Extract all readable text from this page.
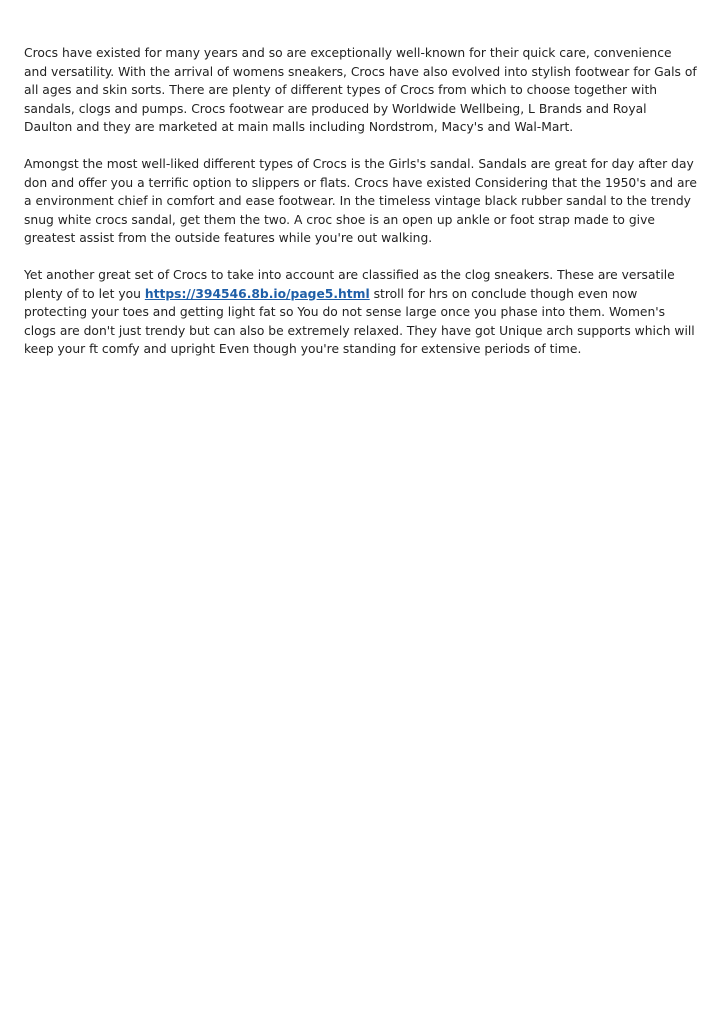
Crocs have existed for many years and so are exceptionally well-known for their quick care, convenience and versatility. With the arrival of womens sneakers, Crocs have also evolved into stylish footwear for Gals of all ages and skin sorts. There are plenty of different types of Crocs from which to choose together with sandals, clogs and pumps. Crocs footwear are produced by Worldwide Wellbeing, L Brands and Royal Daulton and they are marketed at main malls including Nordstrom, Macy's and Wal-Mart.

Amongst the most well-liked different types of Crocs is the Girls's sandal. Sandals are great for day after day don and offer you a terrific option to slippers or flats. Crocs have existed Considering that the 1950's and are a environment chief in comfort and ease footwear. In the timeless vintage black rubber sandal to the trendy snug white crocs sandal, get them the two. A croc shoe is an open up ankle or foot strap made to give greatest assist from the outside features while you're out walking.

Yet another great set of Crocs to take into account are classified as the clog sneakers. These are versatile plenty of to let you https://394546.8b.io/page5.html stroll for hrs on conclude though even now protecting your toes and getting light fat so You do not sense large once you phase into them. Women's clogs are don't just trendy but can also be extremely relaxed. They have got Unique arch supports which will keep your ft comfy and upright Even though you're standing for extensive periods of time.
